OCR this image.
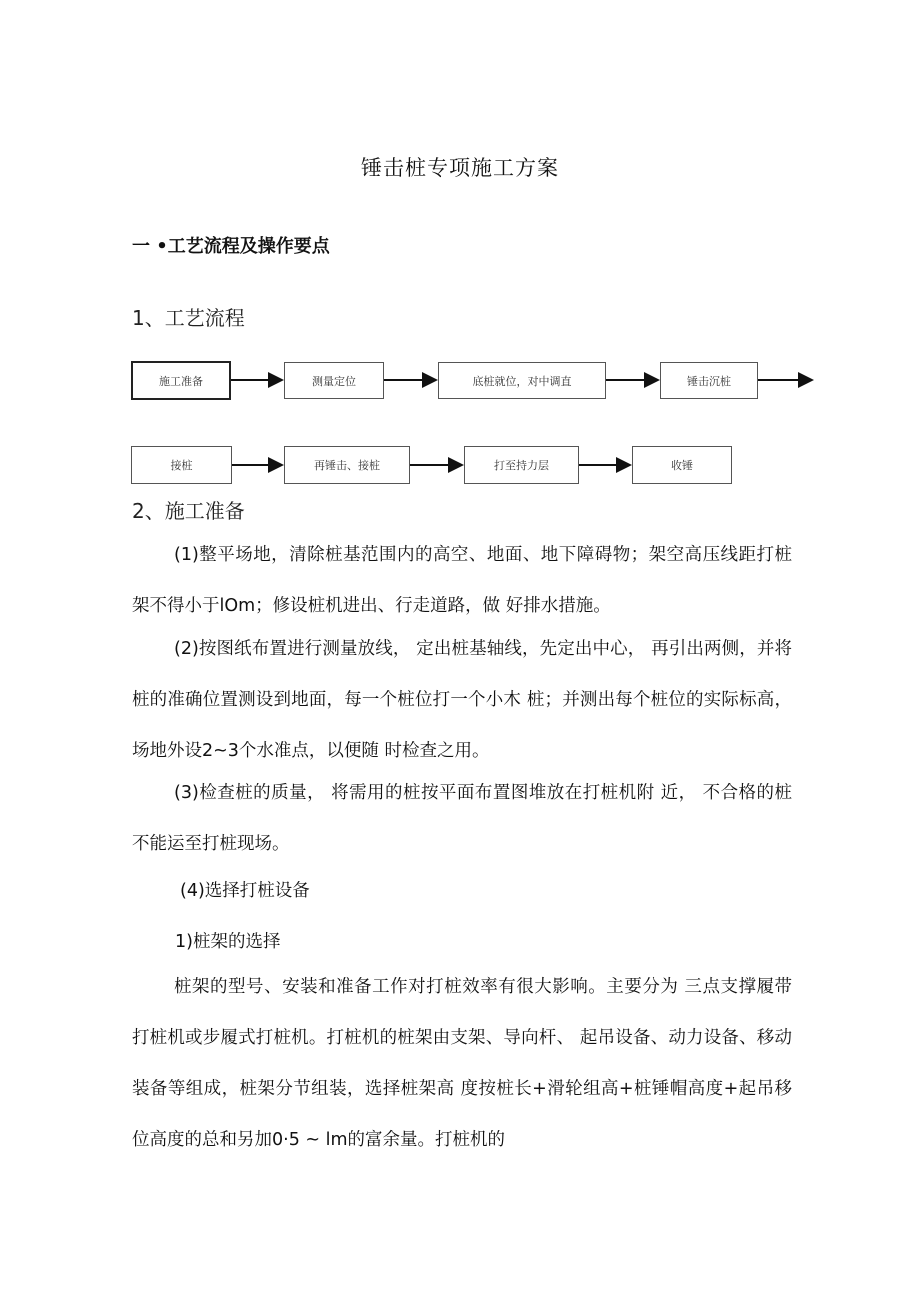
锤击桩专项施工方案
一 •工艺流程及操作要点
1、工艺流程
施工准备	测量定位	底桩就位，对中调直	锤击沉桩
接桩	再锤击、接桩	打至持力层	收锤
2、施工准备
(1)整平场地，清除桩基范围内的高空、地面、地下障碍物；架空高压线距打桩架不得小于lOm；修设桩机进出、行走道路，做 好排水措施。
(2)按图纸布置进行测量放线， 定出桩基轴线，先定出中心， 再引出两侧，并将桩的准确位置测设到地面，每一个桩位打一个小木 桩；并测出每个桩位的实际标高，场地外设2~3个水准点，以便随 时检查之用。
(3)检查桩的质量， 将需用的桩按平面布置图堆放在打桩机附 近， 不合格的桩不能运至打桩现场。
(4)选择打桩设备
1)桩架的选择
桩架的型号、安装和准备工作对打桩效率有很大影响。主要分为 三点支撑履带打桩机或步履式打桩机。打桩机的桩架由支架、导向杆、 起吊设备、动力设备、移动装备等组成，桩架分节组装，选择桩架高 度按桩长+滑轮组高+桩锤帽高度+起吊移位高度的总和另加0·5 ~ lm的富余量。打桩机的
